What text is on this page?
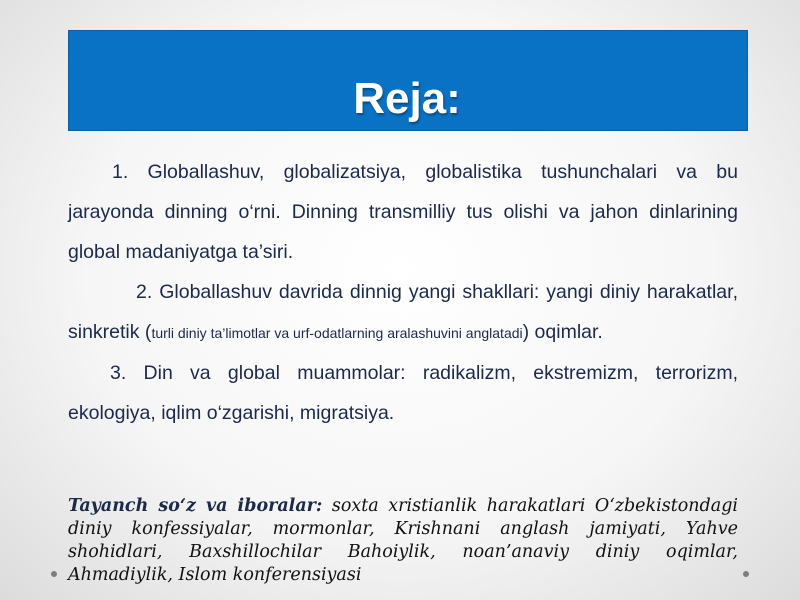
Reja:

1. Globallashuv, globalizatsiya, globalistika tushunchalari va bu jarayonda dinning o‘rni. Dinning transmilliy tus olishi va jahon dinlarining global madaniyatga ta’siri.

2. Globallashuv davrida dinnig yangi shakllari: yangi diniy harakatlar, sinkretik (turli diniy ta’limotlar va urf-odatlarning aralashuvini anglatadi) oqimlar.

3. Din va global muammolar: radikalizm, ekstremizm, terrorizm, ekologiya, iqlim o‘zgarishi, migratsiya.

Tayanch so‘z va iboralar: soxta xristianlik harakatlari O‘zbekistondagi diniy konfessiyalar, mormonlar, Krishnani anglash jamiyati, Yahve shohidlari, Baxshillochilar Bahoiylik, noan’anaviy diniy oqimlar, Ahmadiylik, Islom konferensiyasi
